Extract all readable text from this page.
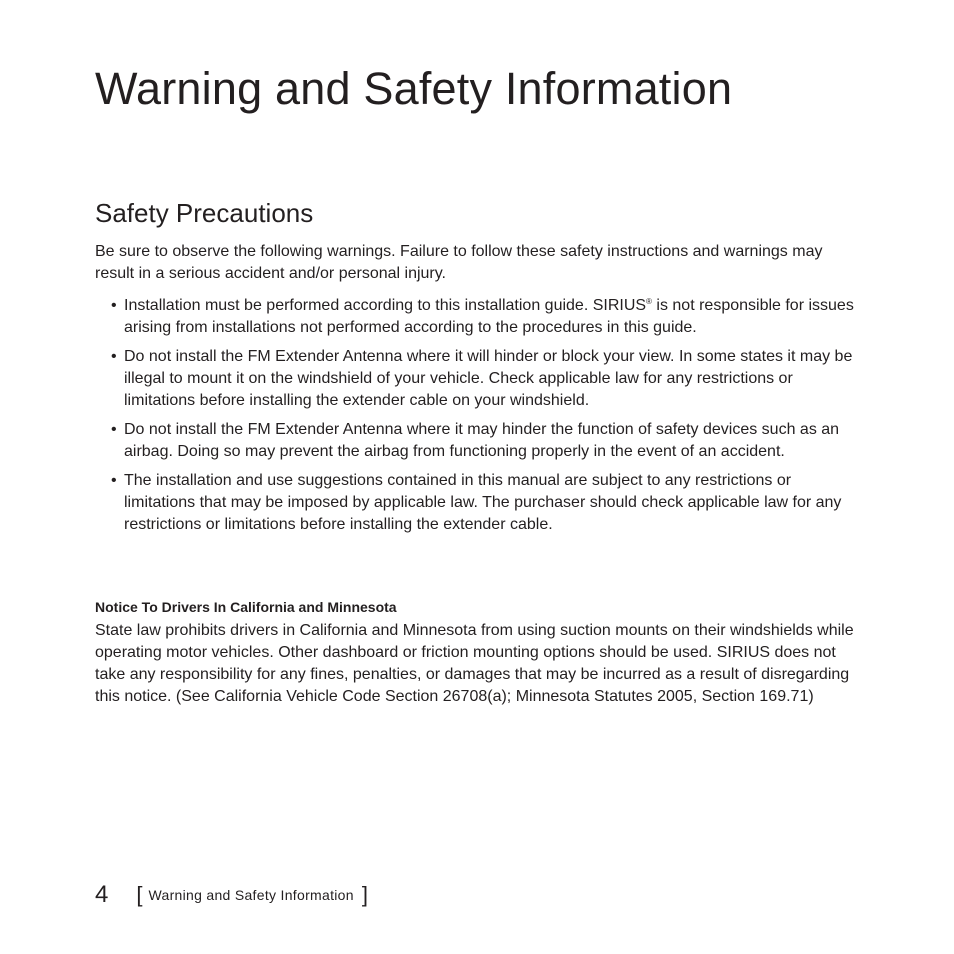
Warning and Safety Information
Safety Precautions

Be sure to observe the following warnings. Failure to follow these safety instructions and warnings may result in a serious accident and/or personal injury.

• Installation must be performed according to this installation guide. SIRIUS® is not responsible for issues arising from installations not performed according to the procedures in this guide.
• Do not install the FM Extender Antenna where it will hinder or block your view. In some states it may be illegal to mount it on the windshield of your vehicle. Check applicable law for any restrictions or limitations before installing the extender cable on your windshield.
• Do not install the FM Extender Antenna where it may hinder the function of safety devices such as an airbag. Doing so may prevent the airbag from functioning properly in the event of an accident.
• The installation and use suggestions contained in this manual are subject to any restrictions or limitations that may be imposed by applicable law. The purchaser should check applicable law for any restrictions or limitations before installing the extender cable.
Notice To Drivers In California and Minnesota

State law prohibits drivers in California and Minnesota from using suction mounts on their windshields while operating motor vehicles. Other dashboard or friction mounting options should be used. SIRIUS does not take any responsibility for any fines, penalties, or damages that may be incurred as a result of disregarding this notice. (See California Vehicle Code Section 26708(a); Minnesota Statutes 2005, Section 169.71)

4 [ Warning and Safety Information ]
